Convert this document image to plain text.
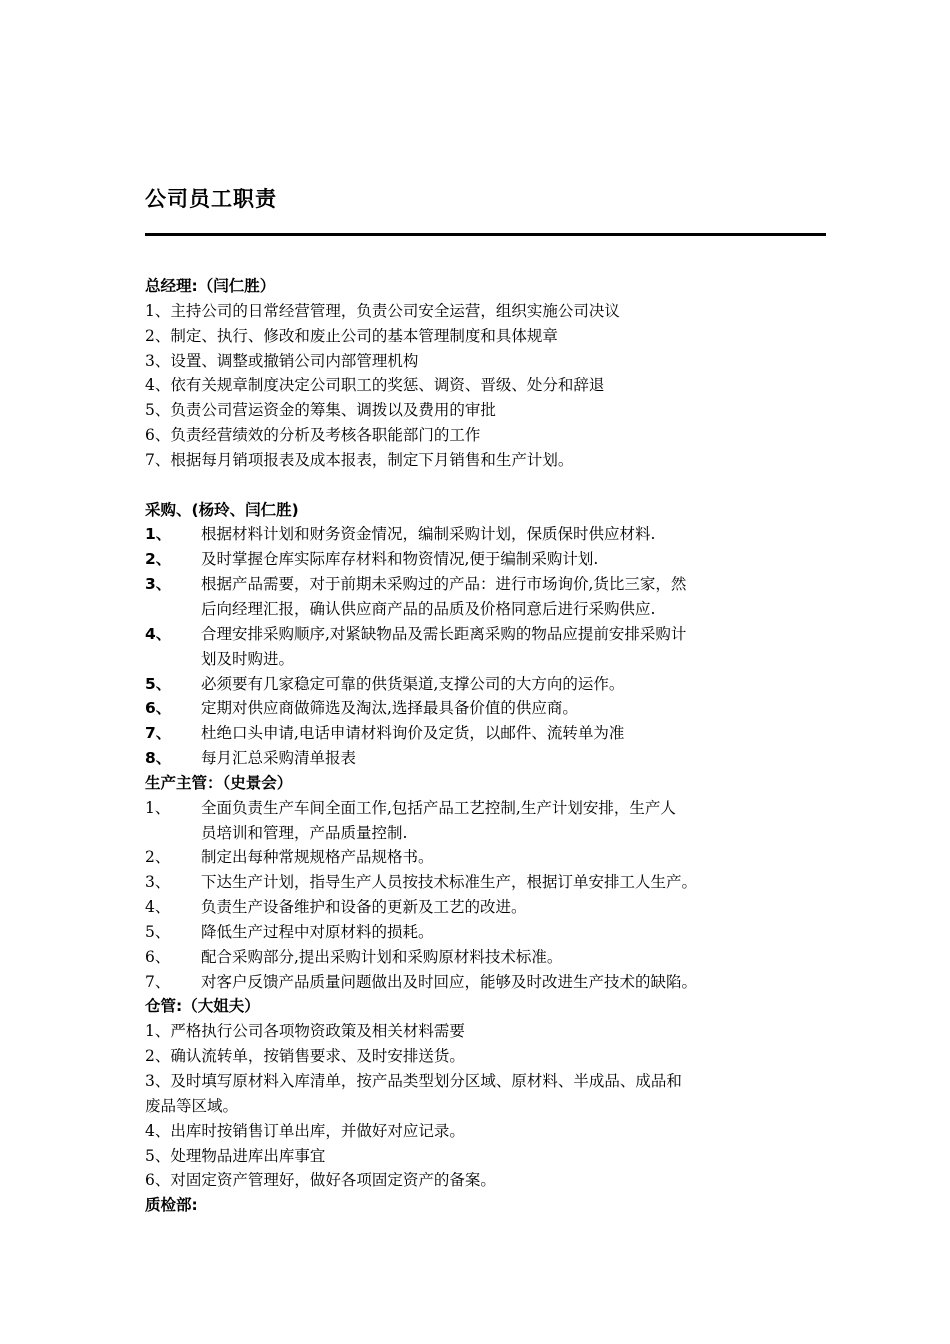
公司员工职责
总经理:（闫仁胜）
1、主持公司的日常经营管理，负责公司安全运营，组织实施公司决议
2、制定、执行、修改和废止公司的基本管理制度和具体规章
3、设置、调整或撤销公司内部管理机构
4、依有关规章制度决定公司职工的奖惩、调资、晋级、处分和辞退
5、负责公司营运资金的筹集、调拨以及费用的审批
6、负责经营绩效的分析及考核各职能部门的工作
7、根据每月销项报表及成本报表，制定下月销售和生产计划。
采购、(杨玲、闫仁胜)
1、	根据材料计划和财务资金情况，编制采购计划，保质保时供应材料.
2、	及时掌握仓库实际库存材料和物资情况,便于编制采购计划.
3、	根据产品需要，对于前期未采购过的产品：进行市场询价,货比三家，然
后向经理汇报，确认供应商产品的品质及价格同意后进行采购供应.
4、	合理安排采购顺序,对紧缺物品及需长距离采购的物品应提前安排采购计
划及时购进。
5、	必须要有几家稳定可靠的供货渠道,支撑公司的大方向的运作。
6、	定期对供应商做筛选及淘汰,选择最具备价值的供应商。
7、	杜绝口头申请,电话申请材料询价及定货，以邮件、流转单为准
8、	每月汇总采购清单报表
生产主管：（史景会）
1、	全面负责生产车间全面工作,包括产品工艺控制,生产计划安排，生产人
员培训和管理，产品质量控制.
2、	制定出每种常规规格产品规格书。
3、	下达生产计划，指导生产人员按技术标准生产，根据订单安排工人生产。
4、	负责生产设备维护和设备的更新及工艺的改进。
5、	降低生产过程中对原材料的损耗。
6、	配合采购部分,提出采购计划和采购原材料技术标准。
7、	对客户反馈产品质量问题做出及时回应，能够及时改进生产技术的缺陷。
仓管:（大姐夫）
1、严格执行公司各项物资政策及相关材料需要
2、确认流转单，按销售要求、及时安排送货。
3、及时填写原材料入库清单，按产品类型划分区域、原材料、半成品、成品和
废品等区域。
4、出库时按销售订单出库，并做好对应记录。
5、处理物品进库出库事宜
6、对固定资产管理好，做好各项固定资产的备案。
质检部:
